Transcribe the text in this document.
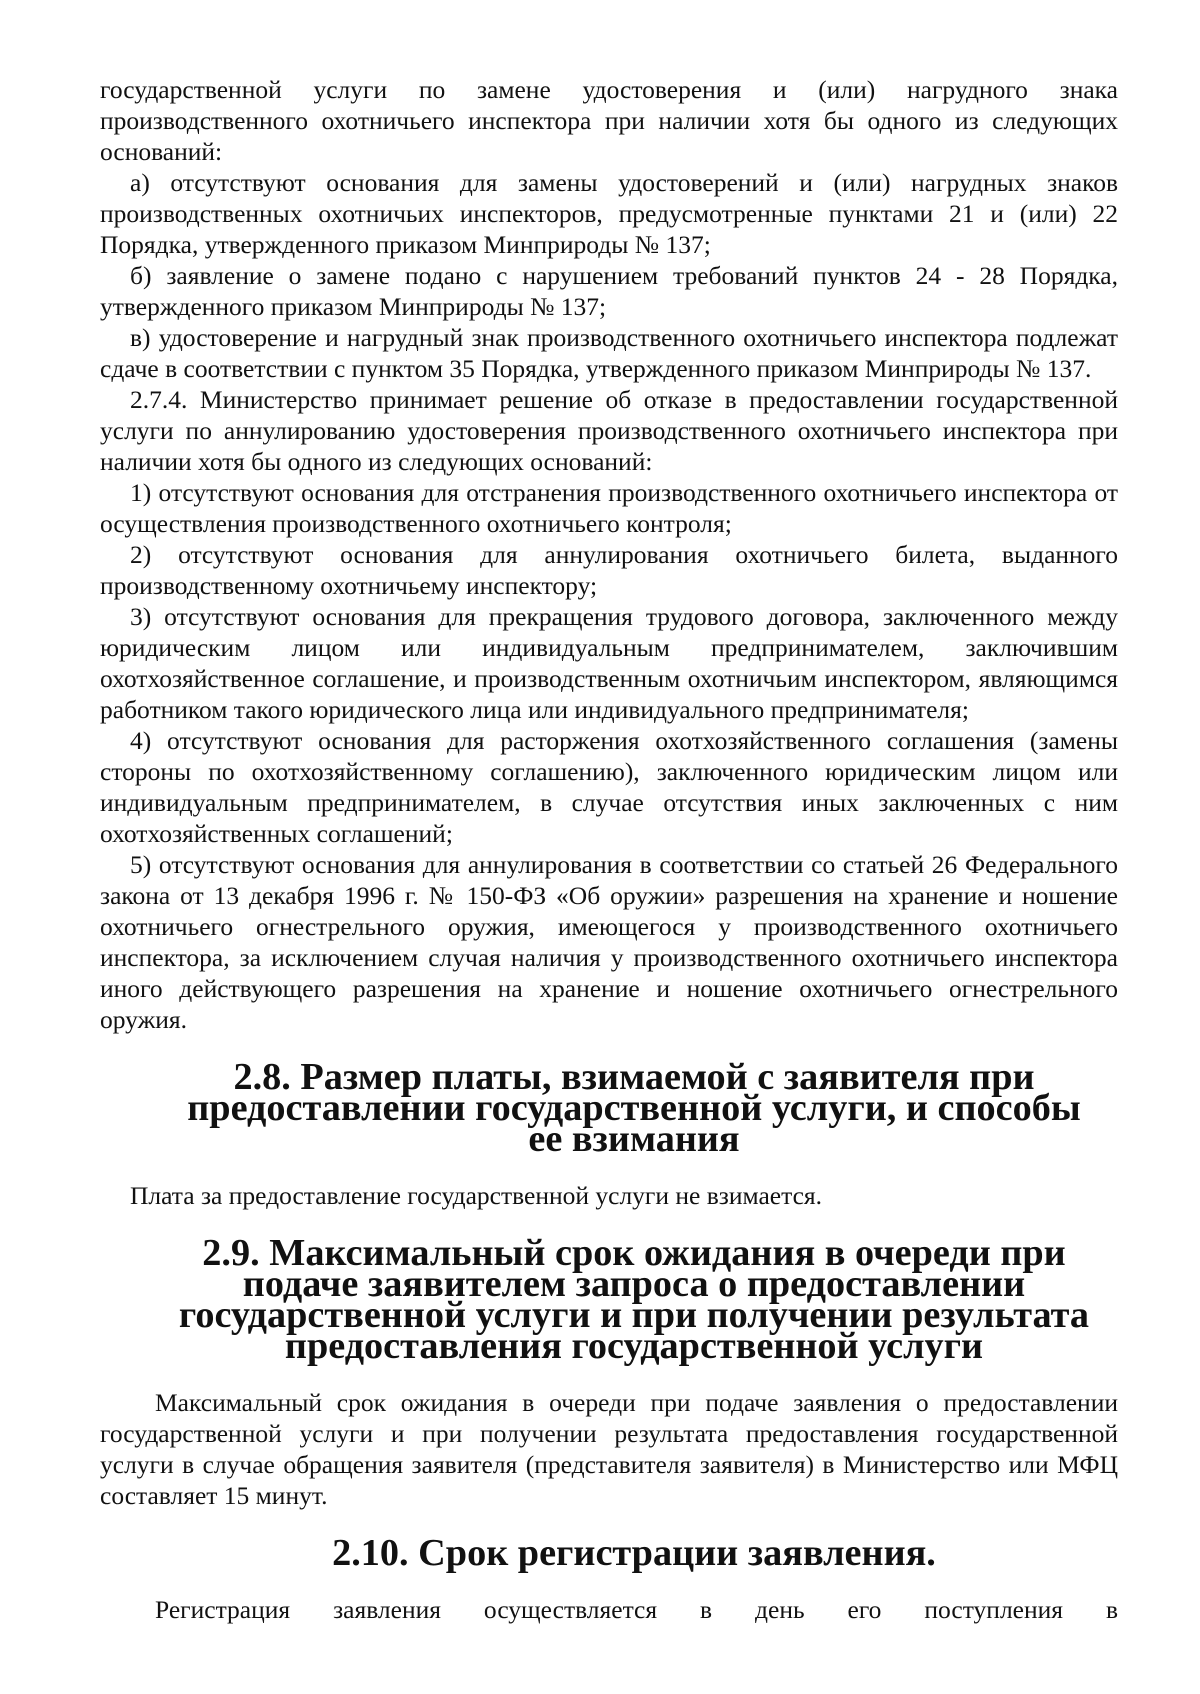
государственной услуги по замене удостоверения и (или) нагрудного знака производственного охотничьего инспектора при наличии хотя бы одного из следующих оснований:

а) отсутствуют основания для замены удостоверений и (или) нагрудных знаков производственных охотничьих инспекторов, предусмотренные пунктами 21 и (или) 22 Порядка, утвержденного приказом Минприроды № 137;

б) заявление о замене подано с нарушением требований пунктов 24 - 28 Порядка, утвержденного приказом Минприроды № 137;

в) удостоверение и нагрудный знак производственного охотничьего инспектора подлежат сдаче в соответствии с пунктом 35 Порядка, утвержденного приказом Минприроды № 137.

2.7.4. Министерство принимает решение об отказе в предоставлении государственной услуги по аннулированию удостоверения производственного охотничьего инспектора при наличии хотя бы одного из следующих оснований:

1) отсутствуют основания для отстранения производственного охотничьего инспектора от осуществления производственного охотничьего контроля;

2) отсутствуют основания для аннулирования охотничьего билета, выданного производственному охотничьему инспектору;

3) отсутствуют основания для прекращения трудового договора, заключенного между юридическим лицом или индивидуальным предпринимателем, заключившим охотхозяйственное соглашение, и производственным охотничьим инспектором, являющимся работником такого юридического лица или индивидуального предпринимателя;

4) отсутствуют основания для расторжения охотхозяйственного соглашения (замены стороны по охотхозяйственному соглашению), заключенного юридическим лицом или индивидуальным предпринимателем, в случае отсутствия иных заключенных с ним охотхозяйственных соглашений;

5) отсутствуют основания для аннулирования в соответствии со статьей 26 Федерального закона от 13 декабря 1996 г. № 150-ФЗ «Об оружии» разрешения на хранение и ношение охотничьего огнестрельного оружия, имеющегося у производственного охотничьего инспектора, за исключением случая наличия у производственного охотничьего инспектора иного действующего разрешения на хранение и ношение охотничьего огнестрельного оружия.

2.8. Размер платы, взимаемой с заявителя при предоставлении государственной услуги, и способы ее взимания

Плата за предоставление государственной услуги не взимается.

2.9. Максимальный срок ожидания в очереди при подаче заявителем запроса о предоставлении государственной услуги и при получении результата предоставления государственной услуги

Максимальный срок ожидания в очереди при подаче заявления о предоставлении государственной услуги и при получении результата предоставления государственной услуги в случае обращения заявителя (представителя заявителя) в Министерство или МФЦ составляет 15 минут.

2.10. Срок регистрации заявления.

Регистрация заявления осуществляется в день его поступления в
